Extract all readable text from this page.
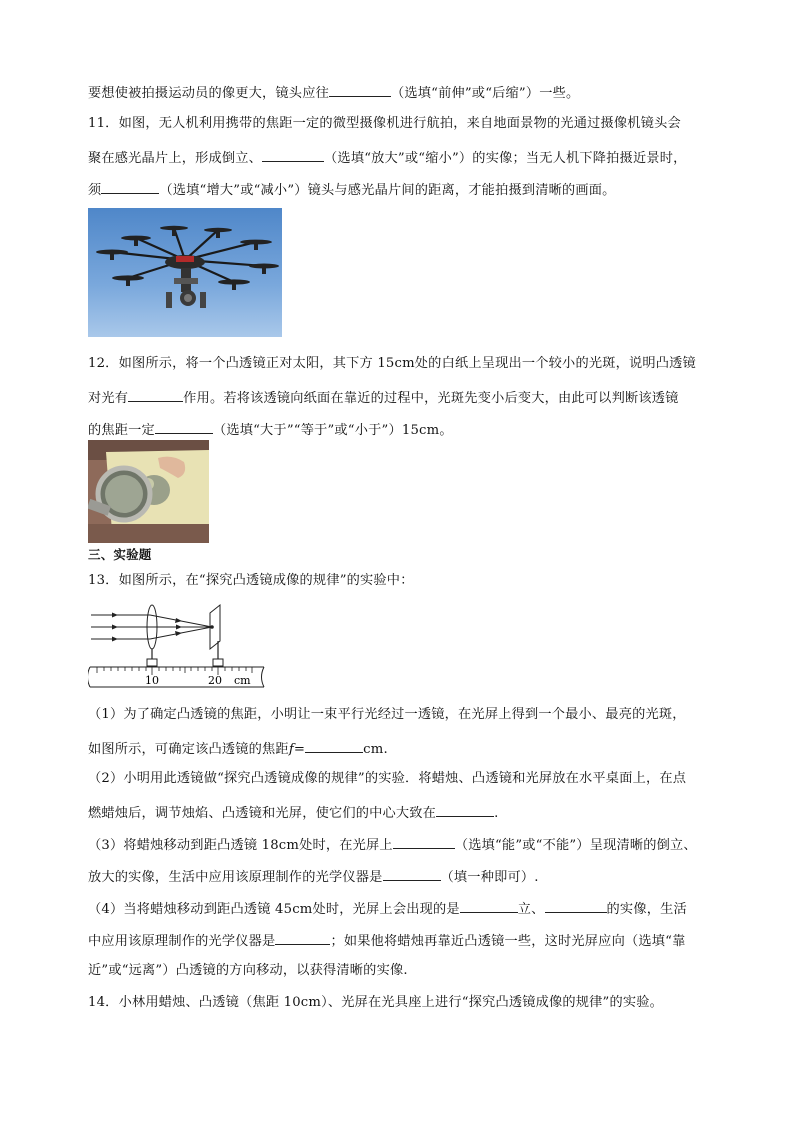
要想使被拍摄运动员的像更大，镜头应往	（选填“前伸”或“后缩”）一些。
11．如图，无人机利用携带的焦距一定的微型摄像机进行航拍，来自地面景物的光通过摄像机镜头会
聚在感光晶片上，形成倒立、	（选填“放大”或“缩小”）的实像；当无人机下降拍摄近景时，
须	（选填“增大”或“减小”）镜头与感光晶片间的距离，才能拍摄到清晰的画面。
12．如图所示，将一个凸透镜正对太阳，其下方 15cm处的白纸上呈现出一个较小的光斑，说明凸透镜
对光有	作用。若将该透镜向纸面在靠近的过程中，光斑先变小后变大，由此可以判断该透镜
的焦距一定	（选填“大于”“等于”或“小于”）15cm。
三、实验题
13．如图所示，在“探究凸透镜成像的规律”的实验中：
10	20 cm
（1）为了确定凸透镜的焦距，小明让一束平行光经过一透镜，在光屏上得到一个最小、最亮的光斑，
如图所示，可确定该凸透镜的焦距f=	cm.
（2）小明用此透镜做“探究凸透镜成像的规律”的实验．将蜡烛、凸透镜和光屏放在水平桌面上，在点
燃蜡烛后，调节烛焰、凸透镜和光屏，使它们的中心大致在	.
（3）将蜡烛移动到距凸透镜 18cm处时，在光屏上	（选填“能”或“不能”）呈现清晰的倒立、
放大的实像，生活中应用该原理制作的光学仪器是	（填一种即可）.
（4）当将蜡烛移动到距凸透镜 45cm处时，光屏上会出现的是	立、	的实像，生活
中应用该原理制作的光学仪器是	；如果他将蜡烛再靠近凸透镜一些，这时光屏应向（选填“靠
近”或“远离”）凸透镜的方向移动，以获得清晰的实像.
14．小林用蜡烛、凸透镜（焦距 10cm）、光屏在光具座上进行“探究凸透镜成像的规律”的实验。
